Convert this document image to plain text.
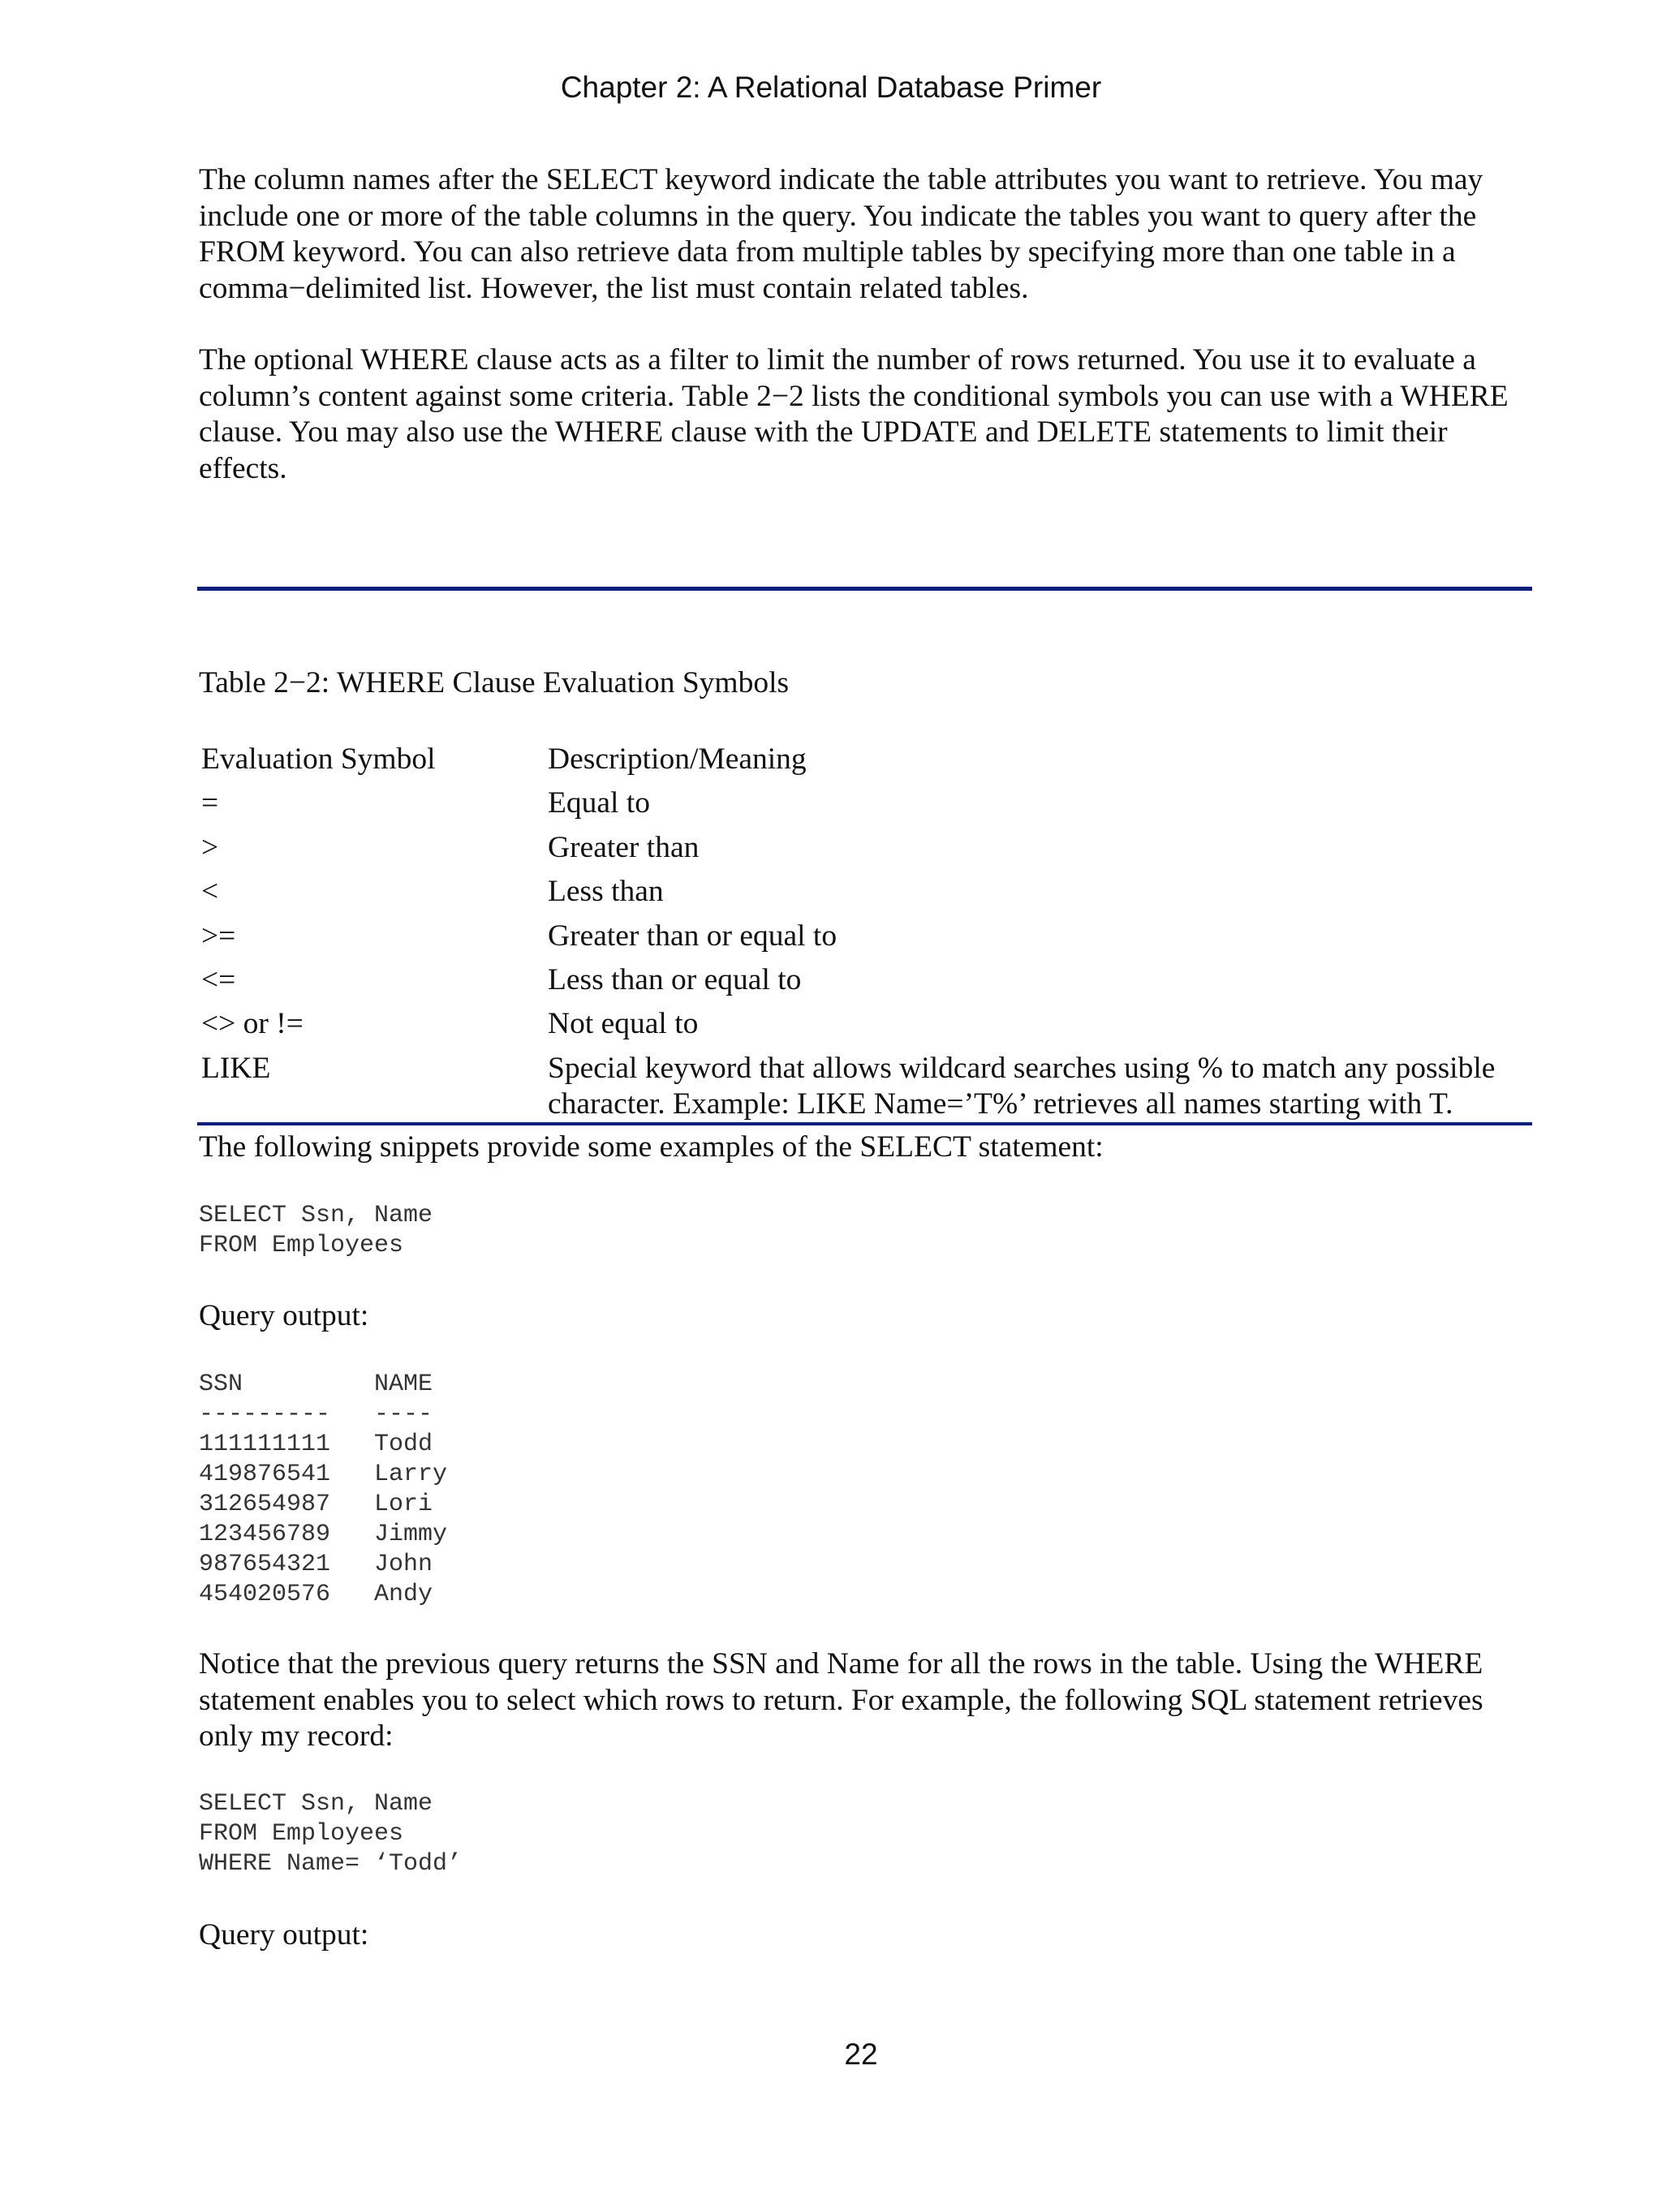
Chapter 2: A Relational Database Primer

The column names after the SELECT keyword indicate the table attributes you want to retrieve. You may include one or more of the table columns in the query. You indicate the tables you want to query after the FROM keyword. You can also retrieve data from multiple tables by specifying more than one table in a comma−delimited list. However, the list must contain related tables.

The optional WHERE clause acts as a filter to limit the number of rows returned. You use it to evaluate a column’s content against some criteria. Table 2−2 lists the conditional symbols you can use with a WHERE clause. You may also use the WHERE clause with the UPDATE and DELETE statements to limit their effects.

Table 2−2: WHERE Clause Evaluation Symbols
Evaluation Symbol	Description/Meaning
=	Equal to
>	Greater than
<	Less than
>=	Greater than or equal to
<=	Less than or equal to
<> or !=	Not equal to
LIKE	Special keyword that allows wildcard searches using % to match any possible
character. Example: LIKE Name=’T%’ retrieves all names starting with T.

The following snippets provide some examples of the SELECT statement:

SELECT Ssn, Name
FROM Employees

Query output:

SSN         NAME
---------   ----
111111111   Todd
419876541   Larry
312654987   Lori
123456789   Jimmy
987654321   John
454020576   Andy

Notice that the previous query returns the SSN and Name for all the rows in the table. Using the WHERE statement enables you to select which rows to return. For example, the following SQL statement retrieves only my record:

SELECT Ssn, Name
FROM Employees
WHERE Name= ‘Todd’

Query output:

22
